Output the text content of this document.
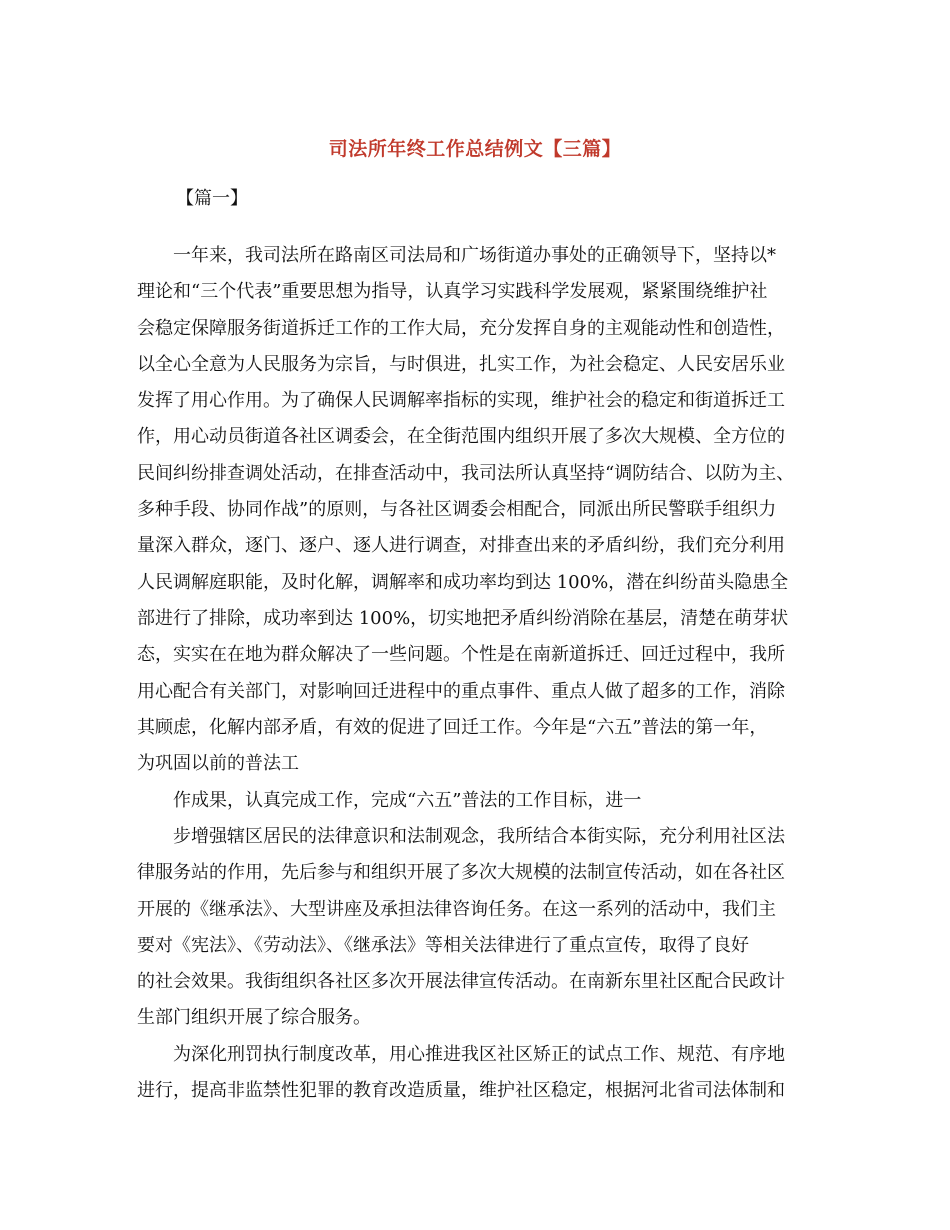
司法所年终工作总结例文【三篇】
【篇一】
一年来，我司法所在路南区司法局和广场街道办事处的正确领导下，坚持以*
理论和“三个代表”重要思想为指导，认真学习实践科学发展观，紧紧围绕维护社
会稳定保障服务街道拆迁工作的工作大局，充分发挥自身的主观能动性和创造性，
以全心全意为人民服务为宗旨，与时俱进，扎实工作，为社会稳定、人民安居乐业
发挥了用心作用。为了确保人民调解率指标的实现，维护社会的稳定和街道拆迁工
作，用心动员街道各社区调委会，在全街范围内组织开展了多次大规模、全方位的
民间纠纷排查调处活动，在排查活动中，我司法所认真坚持“调防结合、以防为主、
多种手段、协同作战”的原则，与各社区调委会相配合，同派出所民警联手组织力
量深入群众，逐门、逐户、逐人进行调查，对排查出来的矛盾纠纷，我们充分利用
人民调解庭职能，及时化解，调解率和成功率均到达 100%，潜在纠纷苗头隐患全
部进行了排除，成功率到达 100%，切实地把矛盾纠纷消除在基层，清楚在萌芽状
态，实实在在地为群众解决了一些问题。个性是在南新道拆迁、回迁过程中，我所
用心配合有关部门，对影响回迁进程中的重点事件、重点人做了超多的工作，消除
其顾虑，化解内部矛盾，有效的促进了回迁工作。今年是“六五”普法的第一年，
为巩固以前的普法工
作成果，认真完成工作，完成“六五”普法的工作目标，进一
步增强辖区居民的法律意识和法制观念，我所结合本街实际，充分利用社区法
律服务站的作用，先后参与和组织开展了多次大规模的法制宣传活动，如在各社区
开展的《继承法》、大型讲座及承担法律咨询任务。在这一系列的活动中，我们主
要对《宪法》、《劳动法》、《继承法》等相关法律进行了重点宣传，取得了良好
的社会效果。我街组织各社区多次开展法律宣传活动。在南新东里社区配合民政计
生部门组织开展了综合服务。
为深化刑罚执行制度改革，用心推进我区社区矫正的试点工作、规范、有序地
进行，提高非监禁性犯罪的教育改造质量，维护社区稳定，根据河北省司法体制和
